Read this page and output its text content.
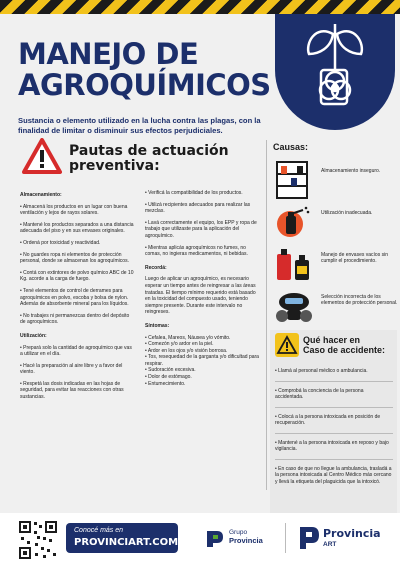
MANEJO DE
AGROQUÍMICOS
Sustancia o elemento utilizado en la lucha contra las plagas, con la finalidad de limitar o disminuir sus efectos perjudiciales.
Pautas de actuación
preventiva:
Almacenamiento:
• Almacená los productos en un lugar con buena ventilación y lejos de rayos solares.
• Mantené los productos separados a una distancia adecuada del piso y en sus envases originales.
• Ordená por toxicidad y reactividad.
• No guardes ropa ni elementos de protección personal, donde se almacenan los agroquímicos.
• Contá con extintores de polvo químico ABC de 10 Kg. acorde a la carga de fuego.
• Tené elementos de control de derrames para agroquímicos en polvo, escoba y bolsa de nylon. Además de absorbente mineral para los líquidos.
• No trabajes ni permanezcas dentro del depósito de agroquímicos.
Utilización:
• Prepará solo la cantidad de agroquímico que vas a utilizar en el día.
• Hacé la preparación al aire libre y a favor del viento.
• Respetá las dosis indicadas en las hojas de seguridad, para evitar las reacciones con otras sustancias.
• Verificá la compatibilidad de los productos.
• Utilizá recipientes adecuados para realizar las mezclas.
• Lavá correctamente el equipo, los EPP y ropa de trabajo que utilizaste para la aplicación del agroquímico.
• Mientras aplicás agroquímicos no fumes, no comas, no ingieras medicamentos, ni bebidas.
Recordá:
Luego de aplicar un agroquímico, es necesario esperar un tiempo antes de reingresar a las áreas tratadas. El tiempo mínimo requerido está basado en la toxicidad del compuesto usado, teniendo siempre presente. Durante este intervalo no reingreses.
Síntomas:
• Cefalea, Mareos, Náusea y/o vómito.
• Comezón y/o ardor en la piel.
• Ardor en los ojos y/o visión borrosa.
• Tos, resequedad de la garganta y/o dificultad para respirar.
• Sudoración excesiva.
• Dolor de estómago.
• Entumecimiento.
Causas:
Almacenamiento inseguro.
Utilización inadecuada.
Manejo de envases vacíos sin cumplir el procedimiento.
Selección incorrecta de los elementos de protección personal.
Qué hacer en
Caso de accidente:
• Llamá al personal médico o ambulancia.
• Comprobá la conciencia de la persona accidentada.
• Colocá a la persona intoxicada en posición de recuperación.
• Mantené a la persona intoxicada en reposo y bajo vigilancia.
• En caso de que no llegue la ambulancia, trasladá a la persona intoxicada al Centro Médico más cercano y llevá la etiqueta del plaguicida que la intoxicó.
Conocé más en
PROVINCIART.COM.AR
Grupo
Provincia
Provincia
ART
